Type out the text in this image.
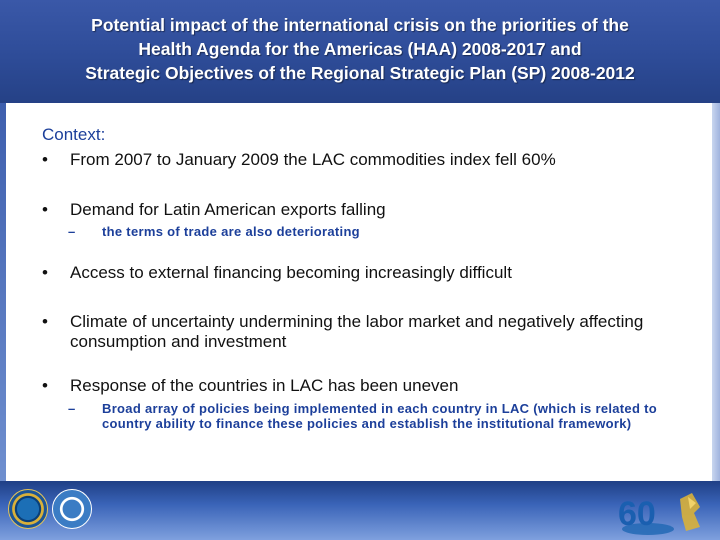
Potential impact of the international crisis on the priorities of the
Health Agenda for the Americas (HAA) 2008-2017 and
Strategic Objectives of the Regional Strategic Plan (SP) 2008-2012

Context:

• From 2007 to January 2009 the LAC commodities index fell 60%
• Demand for Latin American exports falling
– the terms of trade are also deteriorating
• Access to external financing becoming increasingly difficult
• Climate of uncertainty undermining the labor market and negatively affecting consumption and investment
• Response of the countries in LAC has been uneven
– Broad array of policies being implemented in each country in LAC (which is related to country ability to finance these policies and establish the institutional framework)
60
